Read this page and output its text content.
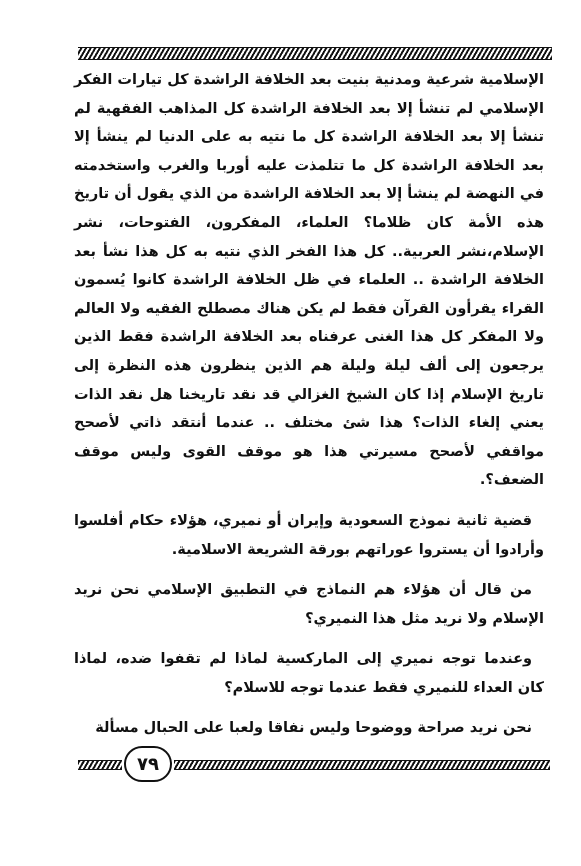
الإسلامية شرعية ومدنية بنيت بعد الخلافة الراشدة كل تيارات الفكر الإسلامي لم تنشأ إلا بعد الخلافة الراشدة كل المذاهب الفقهية لم تنشأ إلا بعد الخلافة الراشدة كل ما نتيه به على الدنيا لم ينشأ إلا بعد الخلافة الراشدة كل ما تتلمذت عليه أوربا والغرب واستخدمته في النهضة لم ينشأ إلا بعد الخلافة الراشدة من الذي يقول أن تاريخ هذه الأمة كان ظلاما؟ العلماء، المفكرون، الفتوحات، نشر الإسلام،نشر العربية.. كل هذا الفخر الذي نتيه به كل هذا نشأ بعد الخلافة الراشدة .. العلماء في ظل الخلافة الراشدة كانوا يُسمون القراء يقرأون القرآن فقط لم يكن هناك مصطلح الفقيه ولا العالم ولا المفكر كل هذا الغنى عرفناه بعد الخلافة الراشدة فقط الذين يرجعون إلى ألف ليلة وليلة هم الذين ينظرون هذه النظرة إلى تاريخ الإسلام إذا كان الشيخ الغزالي قد نقد تاريخنا هل نقد الذات يعني إلغاء الذات؟ هذا شئ مختلف .. عندما أنتقد ذاتي لأصحح مواقفي لأصحح مسيرتي هذا هو موقف القوى وليس موقف الضعف؟.

قضية ثانية نموذج السعودية وإيران أو نميري، هؤلاء حكام أفلسوا وأرادوا أن يستروا عوراتهم بورقة الشريعة الاسلامية.

من قال أن هؤلاء هم النماذج في التطبيق الإسلامي نحن نريد الإسلام ولا نريد مثل هذا النميري؟

وعندما توجه نميري إلى الماركسية لماذا لم تقفوا ضده، لماذا كان العداء للنميري فقط عندما توجه للاسلام؟

نحن نريد صراحة ووضوحا وليس نفاقا ولعبا على الحبال مسألة

٧٩
